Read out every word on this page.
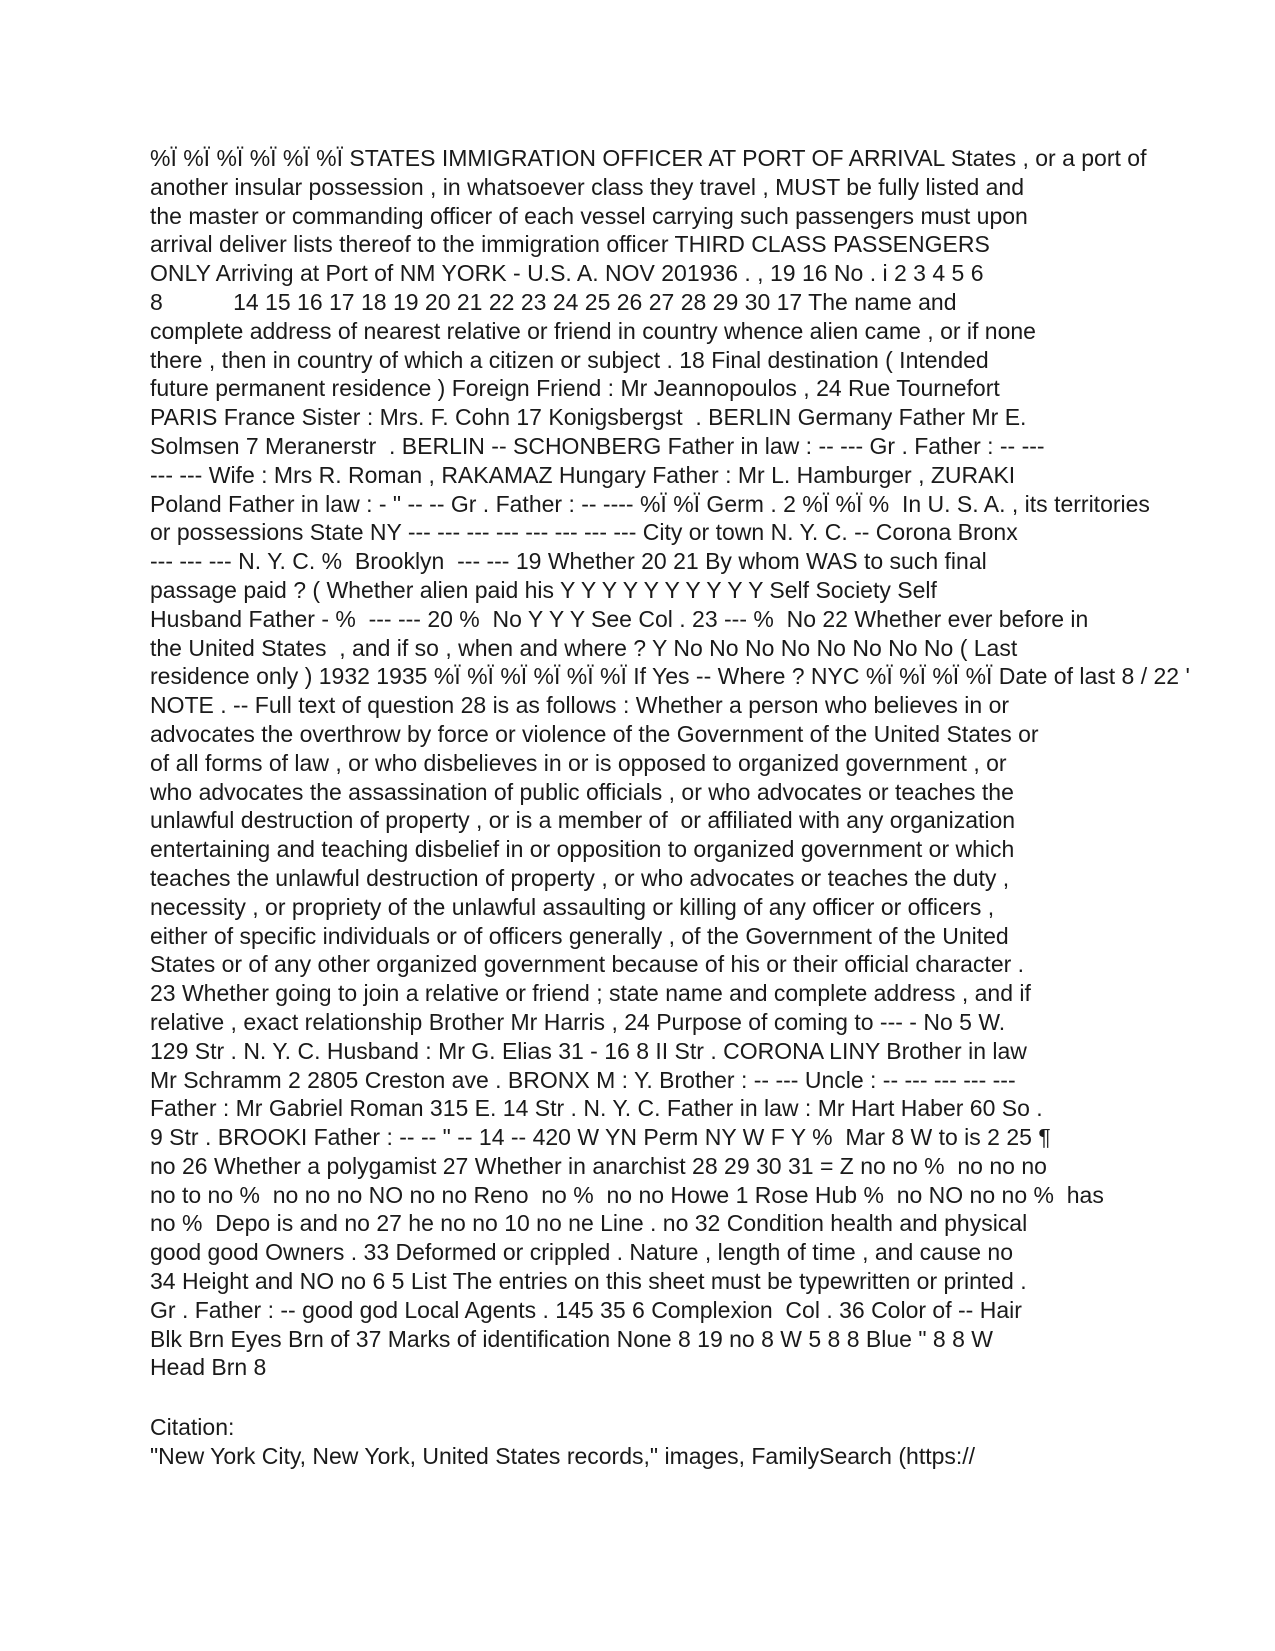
%Ï %Ï %Ï %Ï %Ï %Ï STATES IMMIGRATION OFFICER AT PORT OF ARRIVAL States , or a port of
another insular possession , in whatsoever class they travel , MUST be fully listed and
the master or commanding officer of each vessel carrying such passengers must upon
arrival deliver lists thereof to the immigration officer THIRD CLASS PASSENGERS
ONLY Arriving at Port of NM YORK - U.S. A. NOV 201936 . , 19 16 No . i 2 3 4 5 6
8           14 15 16 17 18 19 20 21 22 23 24 25 26 27 28 29 30 17 The name and
complete address of nearest relative or friend in country whence alien came , or if none
there , then in country of which a citizen or subject . 18 Final destination ( Intended
future permanent residence ) Foreign Friend : Mr Jeannopoulos , 24 Rue Tournefort
PARIS France Sister : Mrs. F. Cohn 17 Konigsbergst  . BERLIN Germany Father Mr E.
Solmsen 7 Meranerstr  . BERLIN -- SCHONBERG Father in law : -- --- Gr . Father : -- ---
--- --- Wife : Mrs R. Roman , RAKAMAZ Hungary Father : Mr L. Hamburger , ZURAKI
Poland Father in law : - " -- -- Gr . Father : -- ---- %Ï %Ï Germ . 2 %Ï %Ï %  In U. S. A. , its territories
or possessions State NY --- --- --- --- --- --- --- --- City or town N. Y. C. -- Corona Bronx
--- --- --- N. Y. C. %  Brooklyn  --- --- 19 Whether 20 21 By whom WAS to such final
passage paid ? ( Whether alien paid his Y Y Y Y Y Y Y Y Y Y Self Society Self
Husband Father - %  --- --- 20 %  No Y Y Y See Col . 23 --- %  No 22 Whether ever before in
the United States  , and if so , when and where ? Y No No No No No No No No ( Last
residence only ) 1932 1935 %Ï %Ï %Ï %Ï %Ï %Ï If Yes -- Where ? NYC %Ï %Ï %Ï %Ï Date of last 8 / 22 '
NOTE . -- Full text of question 28 is as follows : Whether a person who believes in or
advocates the overthrow by force or violence of the Government of the United States or
of all forms of law , or who disbelieves in or is opposed to organized government , or
who advocates the assassination of public officials , or who advocates or teaches the
unlawful destruction of property , or is a member of  or affiliated with any organization
entertaining and teaching disbelief in or opposition to organized government or which
teaches the unlawful destruction of property , or who advocates or teaches the duty ,
necessity , or propriety of the unlawful assaulting or killing of any officer or officers ,
either of specific individuals or of officers generally , of the Government of the United
States or of any other organized government because of his or their official character .
23 Whether going to join a relative or friend ; state name and complete address , and if
relative , exact relationship Brother Mr Harris , 24 Purpose of coming to --- - No 5 W.
129 Str . N. Y. C. Husband : Mr G. Elias 31 - 16 8 II Str . CORONA LINY Brother in law
Mr Schramm 2 2805 Creston ave . BRONX M : Y. Brother : -- --- Uncle : -- --- --- --- ---
Father : Mr Gabriel Roman 315 E. 14 Str . N. Y. C. Father in law : Mr Hart Haber 60 So .
9 Str . BROOKI Father : -- -- " -- 14 -- 420 W YN Perm NY W F Y %  Mar 8 W to is 2 25 ¶
no 26 Whether a polygamist 27 Whether in anarchist 28 29 30 31 = Z no no %  no no no
no to no %  no no no NO no no Reno  no %  no no Howe 1 Rose Hub %  no NO no no %  has
no %  Depo is and no 27 he no no 10 no ne Line . no 32 Condition health and physical
good good Owners . 33 Deformed or crippled . Nature , length of time , and cause no
34 Height and NO no 6 5 List The entries on this sheet must be typewritten or printed .
Gr . Father : -- good god Local Agents . 145 35 6 Complexion  Col . 36 Color of -- Hair
Blk Brn Eyes Brn of 37 Marks of identification None 8 19 no 8 W 5 8 8 Blue " 8 8 W
Head Brn 8
Citation:
"New York City, New York, United States records," images, FamilySearch (https://
